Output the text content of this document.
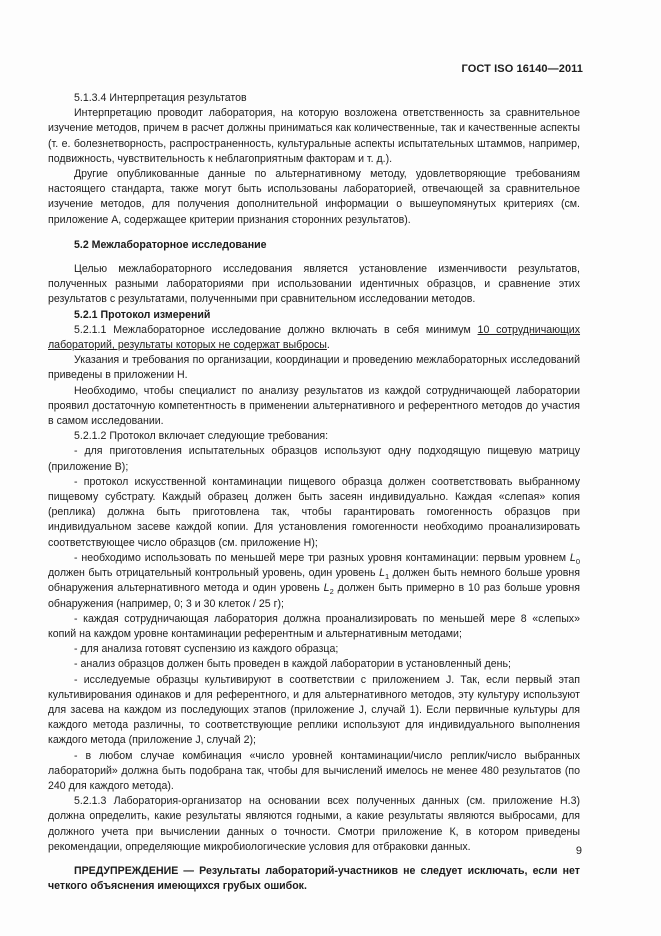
ГОСТ ISO 16140—2011

5.1.3.4 Интерпретация результатов

Интерпретацию проводит лаборатория, на которую возложена ответственность за сравнительное изучение методов, причем в расчет должны приниматься как количественные, так и качественные аспекты (т. е. болезнетворность, распространенность, культуральные аспекты испытательных штаммов, например, подвижность, чувствительность к неблагоприятным факторам и т. д.).

Другие опубликованные данные по альтернативному методу, удовлетворяющие требованиям настоящего стандарта, также могут быть использованы лабораторией, отвечающей за сравнительное изучение методов, для получения дополнительной информации о вышеупомянутых критериях (см. приложение А, содержащее критерии признания сторонних результатов).

5.2 Межлабораторное исследование

Целью межлабораторного исследования является установление изменчивости результатов, полученных разными лабораториями при использовании идентичных образцов, и сравнение этих результатов с результатами, полученными при сравнительном исследовании методов.

5.2.1 Протокол измерений

5.2.1.1 Межлабораторное исследование должно включать в себя минимум 10 сотрудничающих лабораторий, результаты которых не содержат выбросы.

Указания и требования по организации, координации и проведению межлабораторных исследований приведены в приложении Н.

Необходимо, чтобы специалист по анализу результатов из каждой сотрудничающей лаборатории проявил достаточную компетентность в применении альтернативного и референтного методов до участия в самом исследовании.

5.2.1.2 Протокол включает следующие требования:

- для приготовления испытательных образцов используют одну подходящую пищевую матрицу (приложение В);

- протокол искусственной контаминации пищевого образца должен соответствовать выбранному пищевому субстрату. Каждый образец должен быть засеян индивидуально. Каждая «слепая» копия (реплика) должна быть приготовлена так, чтобы гарантировать гомогенность образцов при индивидуальном засеве каждой копии. Для установления гомогенности необходимо проанализировать соответствующее число образцов (см. приложение Н);

- необходимо использовать по меньшей мере три разных уровня контаминации: первым уровнем $L_0$ должен быть отрицательный контрольный уровень, один уровень $L_1$ должен быть немного больше уровня обнаружения альтернативного метода и один уровень $L_2$ должен быть примерно в 10 раз больше уровня обнаружения (например, 0; 3 и 30 клеток / 25 г);

- каждая сотрудничающая лаборатория должна проанализировать по меньшей мере 8 «слепых» копий на каждом уровне контаминации референтным и альтернативным методами;

- для анализа готовят суспензию из каждого образца;

- анализ образцов должен быть проведен в каждой лаборатории в установленный день;

- исследуемые образцы культивируют в соответствии с приложением J. Так, если первый этап культивирования одинаков и для референтного, и для альтернативного методов, эту культуру используют для засева на каждом из последующих этапов (приложение J, случай 1). Если первичные культуры для каждого метода различны, то соответствующие реплики используют для индивидуального выполнения каждого метода (приложение J, случай 2);

- в любом случае комбинация «число уровней контаминации/число реплик/число выбранных лабораторий» должна быть подобрана так, чтобы для вычислений имелось не менее 480 результатов (по 240 для каждого метода).

5.2.1.3 Лаборатория-организатор на основании всех полученных данных (см. приложение Н.3) должна определить, какие результаты являются годными, а какие результаты являются выбросами, для должного учета при вычислении данных о точности. Смотри приложение К, в котором приведены рекомендации, определяющие микробиологические условия для отбраковки данных.

ПРЕДУПРЕЖДЕНИЕ — Результаты лабораторий-участников не следует исключать, если нет четкого объяснения имеющихся грубых ошибок.

9
